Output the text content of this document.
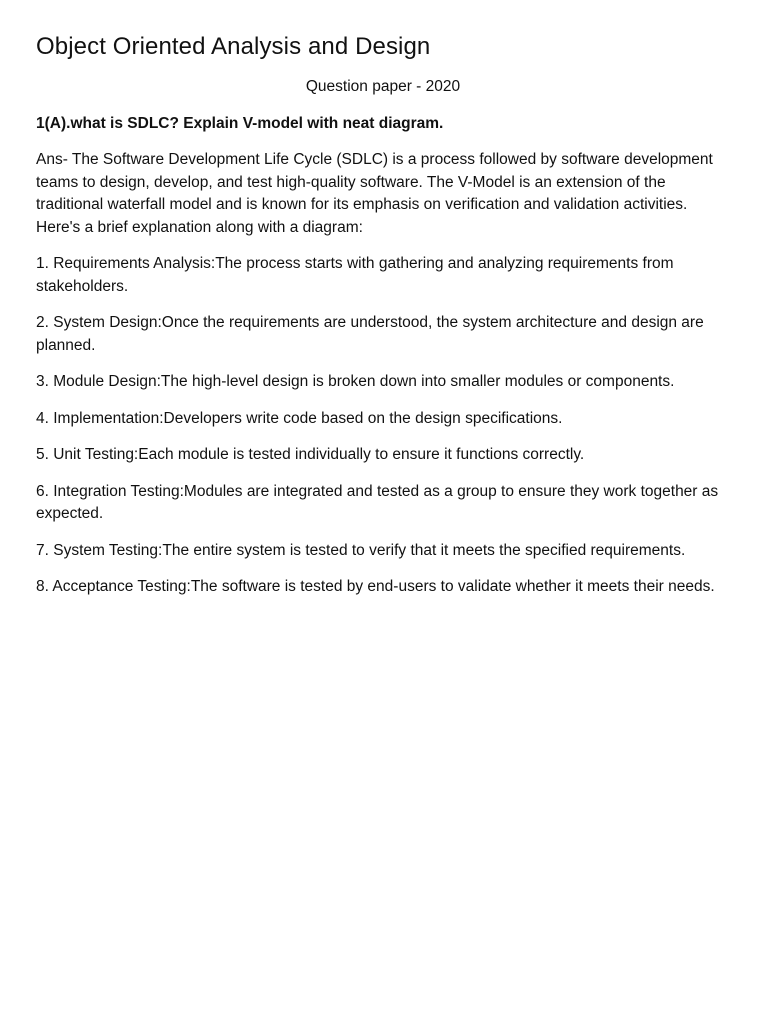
Object Oriented Analysis and Design

Question paper - 2020

1(A).what is SDLC? Explain V-model with neat diagram.

Ans- The Software Development Life Cycle (SDLC) is a process followed by software development teams to design, develop, and test high-quality software. The V-Model is an extension of the traditional waterfall model and is known for its emphasis on verification and validation activities. Here's a brief explanation along with a diagram:

1. Requirements Analysis:The process starts with gathering and analyzing requirements from stakeholders.
2. System Design:Once the requirements are understood, the system architecture and design are planned.
3. Module Design:The high-level design is broken down into smaller modules or components.
4. Implementation:Developers write code based on the design specifications.
5. Unit Testing:Each module is tested individually to ensure it functions correctly.
6. Integration Testing:Modules are integrated and tested as a group to ensure they work together as expected.
7. System Testing:The entire system is tested to verify that it meets the specified requirements.
8. Acceptance Testing:The software is tested by end-users to validate whether it meets their needs.
